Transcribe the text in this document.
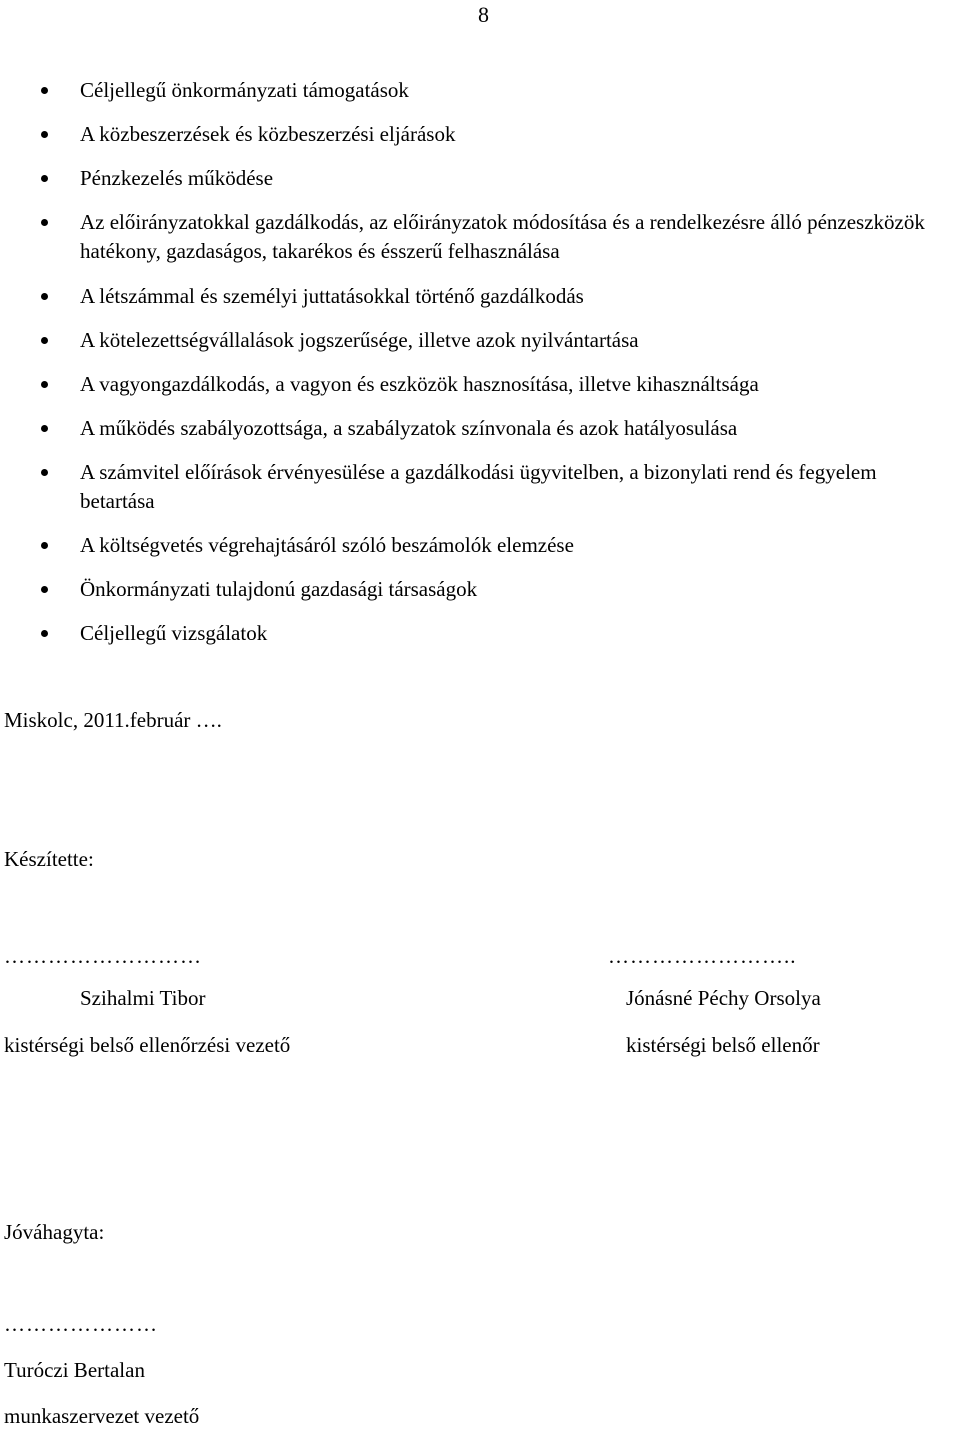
8
Céljellegű önkormányzati támogatások
A közbeszerzések és közbeszerzési eljárások
Pénzkezelés működése
Az előirányzatokkal gazdálkodás, az előirányzatok módosítása és a rendelkezésre álló pénzeszközök hatékony, gazdaságos, takarékos és ésszerű felhasználása
A létszámmal és személyi juttatásokkal történő gazdálkodás
A kötelezettségvállalások jogszerűsége, illetve azok nyilvántartása
A vagyongazdálkodás, a vagyon és eszközök hasznosítása, illetve kihasználtsága
A működés szabályozottsága, a szabályzatok színvonala és azok hatályosulása
A számvitel előírások érvényesülése a gazdálkodási ügyvitelben, a bizonylati rend és fegyelem betartása
A költségvetés végrehajtásáról szóló beszámolók elemzése
Önkormányzati tulajdonú gazdasági társaságok
Céljellegű vizsgálatok
Miskolc, 2011.február ….
Készítette:
………………………
Szihalmi Tibor
kistérségi belső ellenőrzési vezető
……………………..
Jónásné Péchy Orsolya
kistérségi belső ellenőr
Jóváhagyta:
…………………
Turóczi Bertalan
munkaszervezet vezető
